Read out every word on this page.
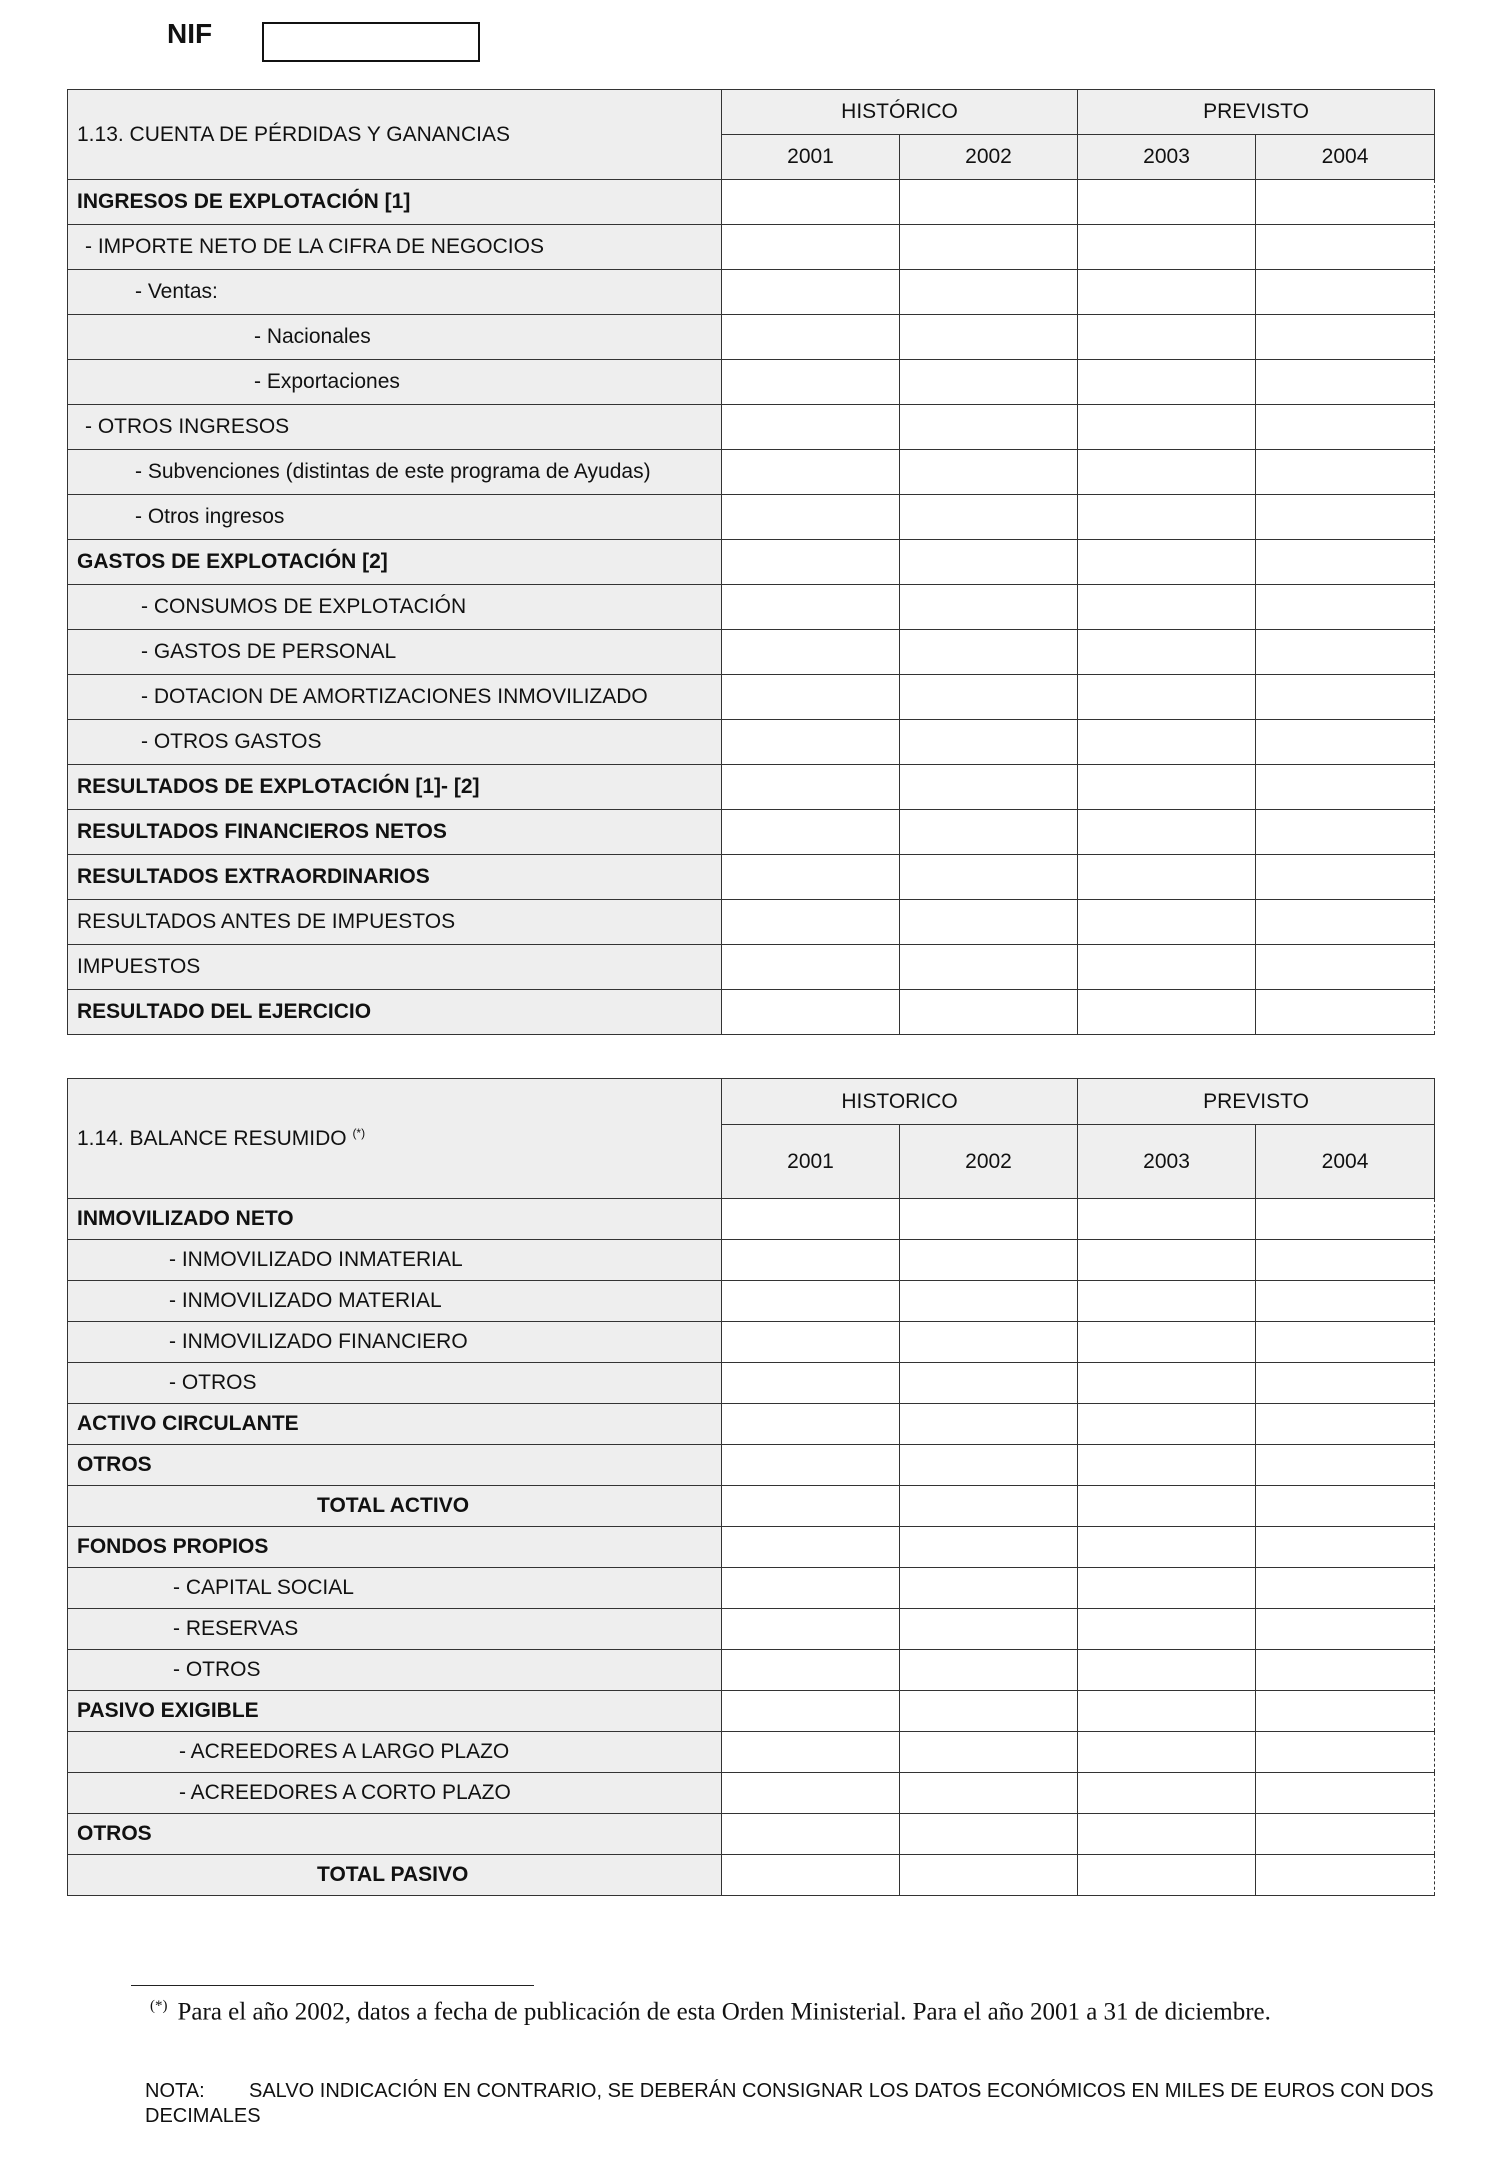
NIF
1.13. CUENTA DE PÉRDIDAS Y GANANCIAS	HISTÓRICO		PREVISTO	
	2001	2002	2003	2004
INGRESOS DE EXPLOTACIÓN [1]				
- IMPORTE NETO DE LA CIFRA DE NEGOCIOS				
- Ventas:				
- Nacionales				
- Exportaciones				
- OTROS INGRESOS				
- Subvenciones (distintas de este programa de Ayudas)				
- Otros ingresos				
GASTOS DE EXPLOTACIÓN [2]				
- CONSUMOS DE EXPLOTACIÓN				
- GASTOS DE PERSONAL				
- DOTACION DE AMORTIZACIONES INMOVILIZADO				
- OTROS GASTOS				
RESULTADOS DE EXPLOTACIÓN [1]- [2]				
RESULTADOS FINANCIEROS NETOS				
RESULTADOS EXTRAORDINARIOS				
RESULTADOS ANTES DE IMPUESTOS				
IMPUESTOS				
RESULTADO DEL EJERCICIO				
1.14. BALANCE RESUMIDO (*)	HISTORICO		PREVISTO	
	2001	2002	2003	2004
INMOVILIZADO NETO				
- INMOVILIZADO INMATERIAL				
- INMOVILIZADO MATERIAL				
- INMOVILIZADO FINANCIERO				
- OTROS				
ACTIVO CIRCULANTE				
OTROS				
TOTAL ACTIVO				
FONDOS PROPIOS				
- CAPITAL SOCIAL				
- RESERVAS				
- OTROS				
PASIVO EXIGIBLE				
- ACREEDORES A LARGO PLAZO				
- ACREEDORES A CORTO PLAZO				
OTROS				
TOTAL PASIVO				
(*) Para el año 2002, datos a fecha de publicación de esta Orden Ministerial. Para el año 2001 a 31 de diciembre.
NOTA: SALVO INDICACIÓN EN CONTRARIO, SE DEBERÁN CONSIGNAR LOS DATOS ECONÓMICOS EN MILES DE EUROS CON DOS DECIMALES
